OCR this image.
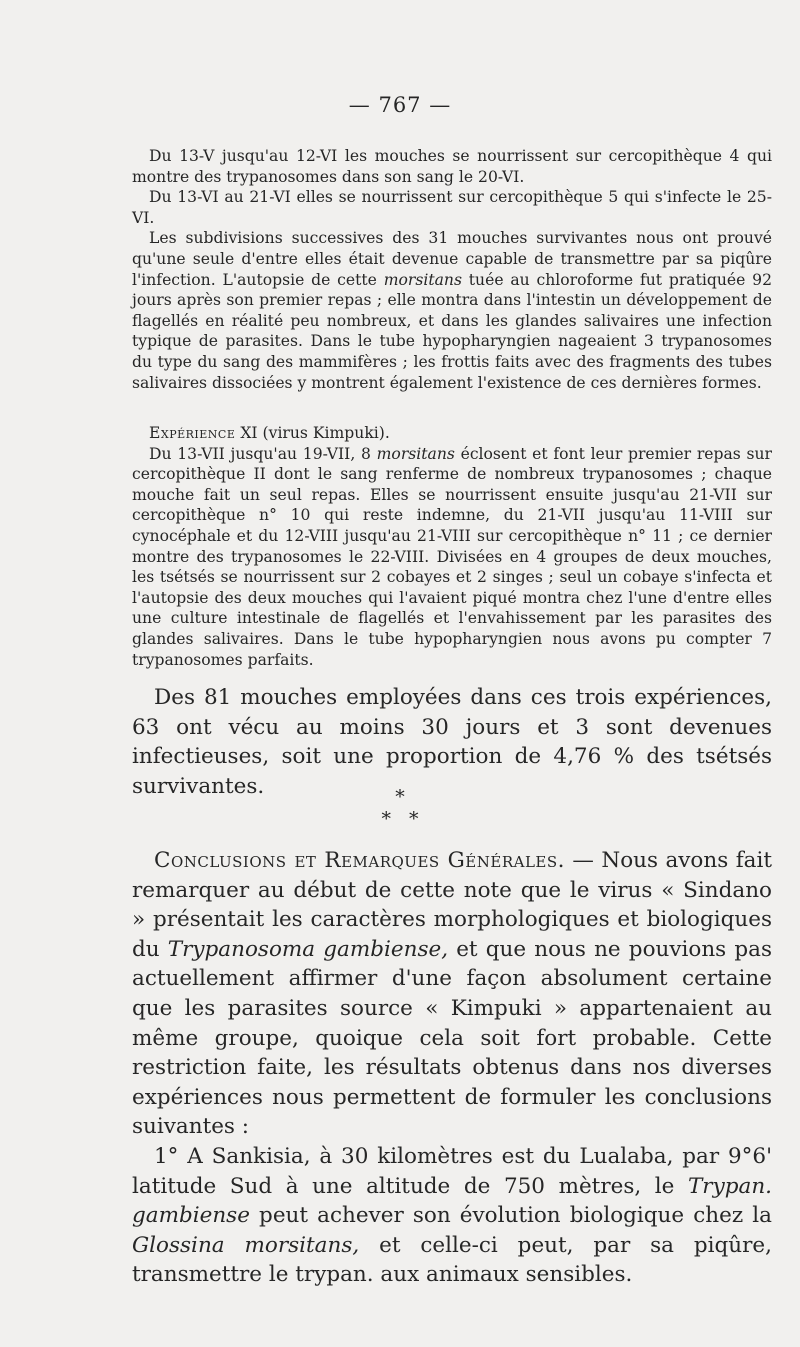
— 767 —

Du 13-V jusqu'au 12-VI les mouches se nourrissent sur cercopithèque 4 qui montre des trypanosomes dans son sang le 20-VI.

Du 13-VI au 21-VI elles se nourrissent sur cercopithèque 5 qui s'infecte le 25-VI.

Les subdivisions successives des 31 mouches survivantes nous ont prouvé qu'une seule d'entre elles était devenue capable de transmettre par sa piqûre l'infection. L'autopsie de cette morsitans tuée au chloroforme fut pratiquée 92 jours après son premier repas ; elle montra dans l'intestin un développement de flagellés en réalité peu nombreux, et dans les glandes salivaires une infection typique de parasites. Dans le tube hypopharyngien nageaient 3 trypanosomes du type du sang des mammifères ; les frottis faits avec des fragments des tubes salivaires dissociées y montrent également l'existence de ces dernières formes.

Expérience XI (virus Kimpuki).

Du 13-VII jusqu'au 19-VII, 8 morsitans éclosent et font leur premier repas sur cercopithèque II dont le sang renferme de nombreux trypanosomes ; chaque mouche fait un seul repas. Elles se nourrissent ensuite jusqu'au 21-VII sur cercopithèque n° 10 qui reste indemne, du 21-VII jusqu'au 11-VIII sur cynocéphale et du 12-VIII jusqu'au 21-VIII sur cercopithèque n° 11 ; ce dernier montre des trypanosomes le 22-VIII. Divisées en 4 groupes de deux mouches, les tsétsés se nourrissent sur 2 cobayes et 2 singes ; seul un cobaye s'infecta et l'autopsie des deux mouches qui l'avaient piqué montra chez l'une d'entre elles une culture intestinale de flagellés et l'envahissement par les parasites des glandes salivaires. Dans le tube hypopharyngien nous avons pu compter 7 trypanosomes parfaits.

Des 81 mouches employées dans ces trois expériences, 63 ont vécu au moins 30 jours et 3 sont devenues infectieuses, soit une proportion de 4,76 % des tsétsés survivantes.	*
*   *

Conclusions et Remarques Générales. — Nous avons fait remarquer au début de cette note que le virus « Sindano » présentait les caractères morphologiques et biologiques du Trypanosoma gambiense, et que nous ne pouvions pas actuellement affirmer d'une façon absolument certaine que les parasites source « Kimpuki » appartenaient au même groupe, quoique cela soit fort probable. Cette restriction faite, les résultats obtenus dans nos diverses expériences nous permettent de formuler les conclusions suivantes :

1° A Sankisia, à 30 kilomètres est du Lualaba, par 9°6' latitude Sud à une altitude de 750 mètres, le Trypan. gambiense peut achever son évolution biologique chez la Glossina morsitans, et celle-ci peut, par sa piqûre, transmettre le trypan. aux animaux sensibles.
